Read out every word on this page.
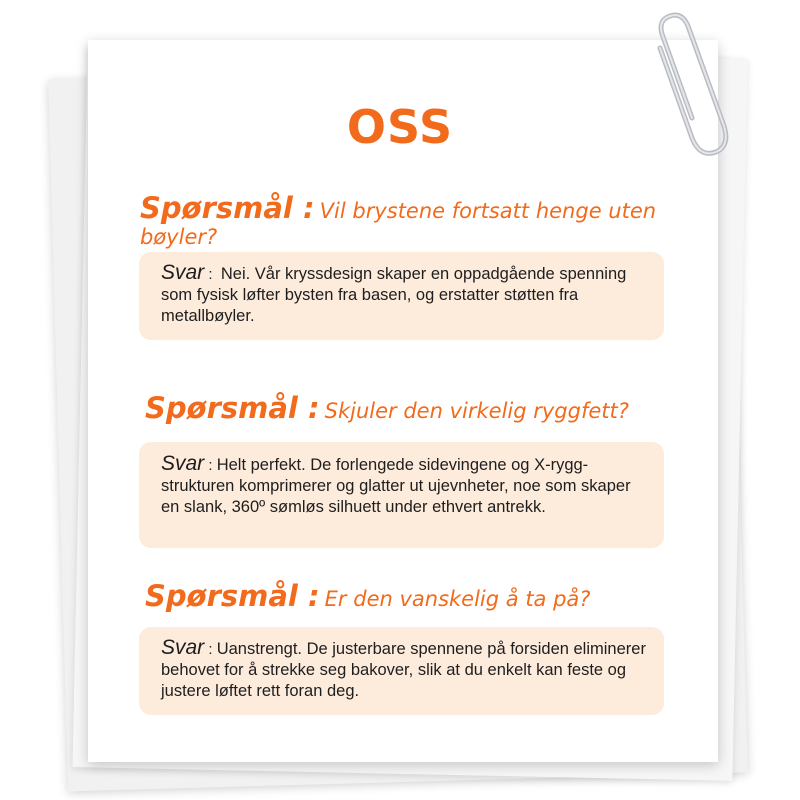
OSS
Spørsmål : Vil brystene fortsatt henge uten bøyler?
Svar :  Nei. Vår kryssdesign skaper en oppadgående spenning som fysisk løfter bysten fra basen, og erstatter støtten fra metallbøyler.
Spørsmål : Skjuler den virkelig ryggfett?
Svar : Helt perfekt. De forlengede sidevingene og X-rygg-strukturen komprimerer og glatter ut ujevnheter, noe som skaper en slank, 360º sømløs silhuett under ethvert antrekk.
Spørsmål : Er den vanskelig å ta på?
Svar : Uanstrengt. De justerbare spennene på forsiden eliminerer behovet for å strekke seg bakover, slik at du enkelt kan feste og justere løftet rett foran deg.
